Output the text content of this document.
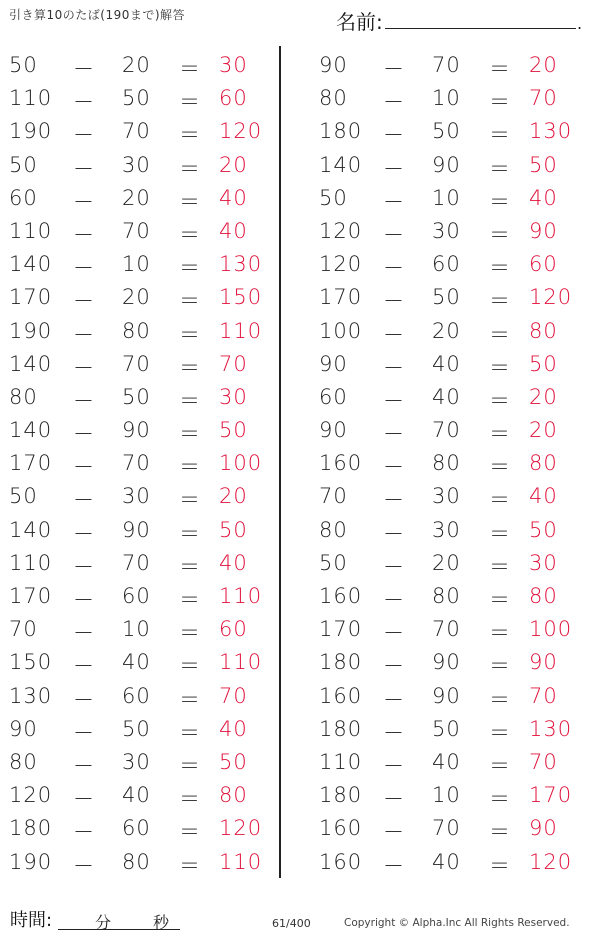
引き算10のたば(190まで)解答	名前:	.
50	－ 20	＝ 30
110 － 50	＝ 60
190 － 70	＝ 120
50	－ 30	＝ 20
60	－ 20	＝ 40
110 － 70	＝ 40
140 － 10	＝ 130
170 － 20	＝ 150
190 － 80	＝ 110
140 － 70	＝ 70
80	－ 50	＝ 30
140 － 90	＝ 50
170 － 70	＝ 100
50	－ 30	＝ 20
140 － 90	＝ 50
110 － 70	＝ 40
170 － 60	＝ 110
70	－ 10	＝ 60
150 － 40	＝ 110
130 － 60	＝ 70
90	－ 50	＝ 40
80	－ 30	＝ 50
120 － 40	＝ 80
180 － 60	＝ 120
190 － 80	＝ 110
90	－ 70	＝ 20
80	－ 10	＝ 70
180 － 50	＝ 130
140 － 90	＝ 50
50	－ 10	＝ 40
120 － 30	＝ 90
120 － 60	＝ 60
170 － 50	＝ 120
100 － 20	＝ 80
90	－ 40	＝ 50
60	－ 40	＝ 20
90	－ 70	＝ 20
160 － 80	＝ 80
70	－ 30	＝ 40
80	－ 30	＝ 50
50	－ 20	＝ 30
160 － 80	＝ 80
170 － 70	＝ 100
180 － 90	＝ 90
160 － 90	＝ 70
180 － 50	＝ 130
110 － 40	＝ 70
180 － 10	＝ 170
160 － 70	＝ 90
160 － 40	＝ 120
時間:	分	秒	61/400	Copyright © Alpha.Inc All Rights Reserved.
